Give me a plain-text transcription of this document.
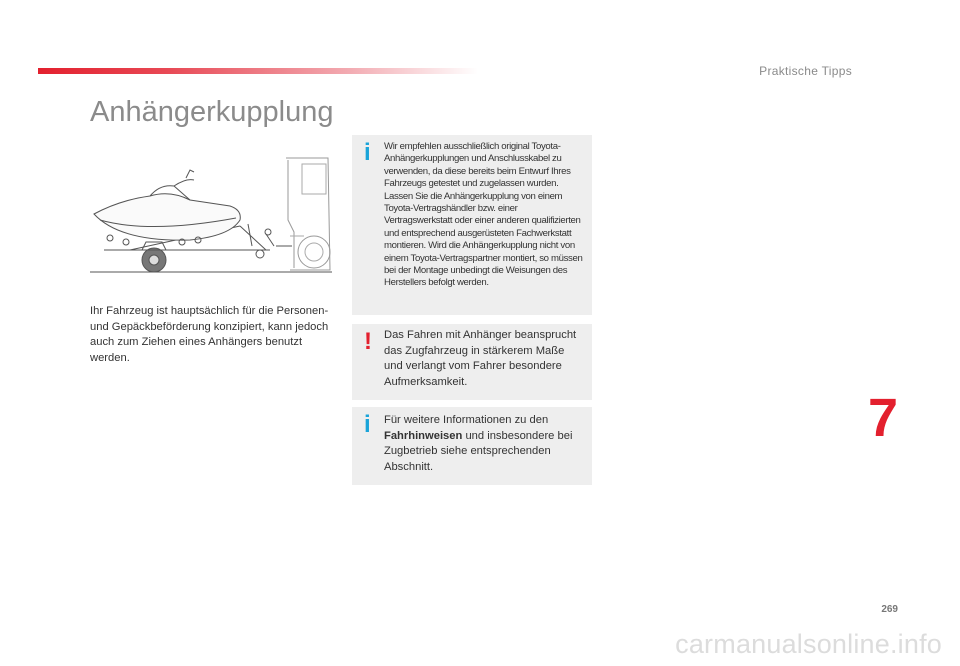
Praktische Tipps
Anhängerkupplung
Ihr Fahrzeug ist hauptsächlich für die Personen- und Gepäckbeförderung konzipiert, kann jedoch auch zum Ziehen eines Anhängers benutzt werden.
i Wir empfehlen ausschließlich original Toyota-Anhängerkupplungen und Anschlusskabel zu verwenden, da diese bereits beim Entwurf Ihres Fahrzeugs getestet und zugelassen wurden. Lassen Sie die Anhängerkupplung von einem Toyota-Vertragshändler bzw. einer Vertragswerkstatt oder einer anderen qualifizierten und entsprechend ausgerüsteten Fachwerkstatt montieren. Wird die Anhängerkupplung nicht von einem Toyota-Vertragspartner montiert, so müssen bei der Montage unbedingt die Weisungen des Herstellers befolgt werden.
! Das Fahren mit Anhänger beansprucht das Zugfahrzeug in stärkerem Maße und verlangt vom Fahrer besondere Aufmerksamkeit.
i Für weitere Informationen zu den Fahrhinweisen und insbesondere bei Zugbetrieb siehe entsprechenden Abschnitt.
7
269
carmanualsonline.info
